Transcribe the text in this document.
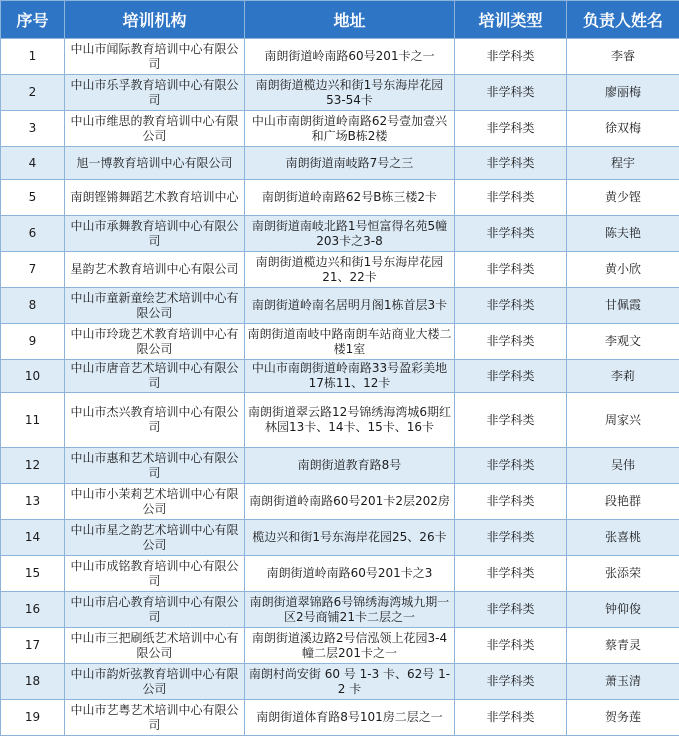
序号	培训机构	地址	培训类型	负责人姓名
1	中山市闻际教育培训中心有限公司	南朗街道岭南路60号201卡之一	非学科类	李睿
2	中山市乐孚教育培训中心有限公司	南朗街道榄边兴和街1号东海岸花园53-54卡	非学科类	廖丽梅
3	中山市维思的教育培训中心有限公司	中山市南朗街道岭南路62号壹加壹兴和广场B栋2楼	非学科类	徐双梅
4	旭一博教育培训中心有限公司	南朗街道南岐路7号之三	非学科类	程宇
5	南朗铿锵舞蹈艺术教育培训中心	南朗街道岭南路62号B栋三楼2卡	非学科类	黄少铿
6	中山市承舞教育培训中心有限公司	南朗街道南岐北路1号恒富得名苑5幢203卡之3-8	非学科类	陈夫艳
7	星韵艺术教育培训中心有限公司	南朗街道榄边兴和街1号东海岸花园21、22卡	非学科类	黄小欣
8	中山市童新童绘艺术培训中心有限公司	南朗街道岭南名居明月阁1栋首层3卡	非学科类	甘佩霞
9	中山市玲珑艺术教育培训中心有限公司	南朗街道南岐中路南朗车站商业大楼二楼1室	非学科类	李观文
10	中山市唐音艺术培训中心有限公司	中山市南朗街道岭南路33号盈彩美地17栋11、12卡	非学科类	李莉
11	中山市杰兴教育培训中心有限公司	南朗街道翠云路12号锦绣海湾城6期红林园13卡、14卡、15卡、16卡	非学科类	周家兴
12	中山市惠和艺术培训中心有限公司	南朗街道教育路8号	非学科类	吴伟
13	中山市小茉莉艺术培训中心有限公司	南朗街道岭南路60号201卡2层202房	非学科类	段艳群
14	中山市星之韵艺术培训中心有限公司	榄边兴和街1号东海岸花园25、26卡	非学科类	张喜桃
15	中山市成铭教育培训中心有限公司	南朗街道岭南路60号201卡之3	非学科类	张添荣
16	中山市启心教育培训中心有限公司	南朗街道翠锦路6号锦绣海湾城九期一区2号商铺21卡二层之一	非学科类	钟仰俊
17	中山市三把刷纸艺术培训中心有限公司	南朗街道溪边路2号信泓领上花园3-4幢二层201卡之一	非学科类	蔡青灵
18	中山市韵炘弦教育培训中心有限公司	南朗村尚安街 60 号 1-3 卡、62号 1-2 卡	非学科类	萧玉清
19	中山市艺粤艺术培训中心有限公司	南朗街道体育路8号101房二层之一	非学科类	贺务莲
